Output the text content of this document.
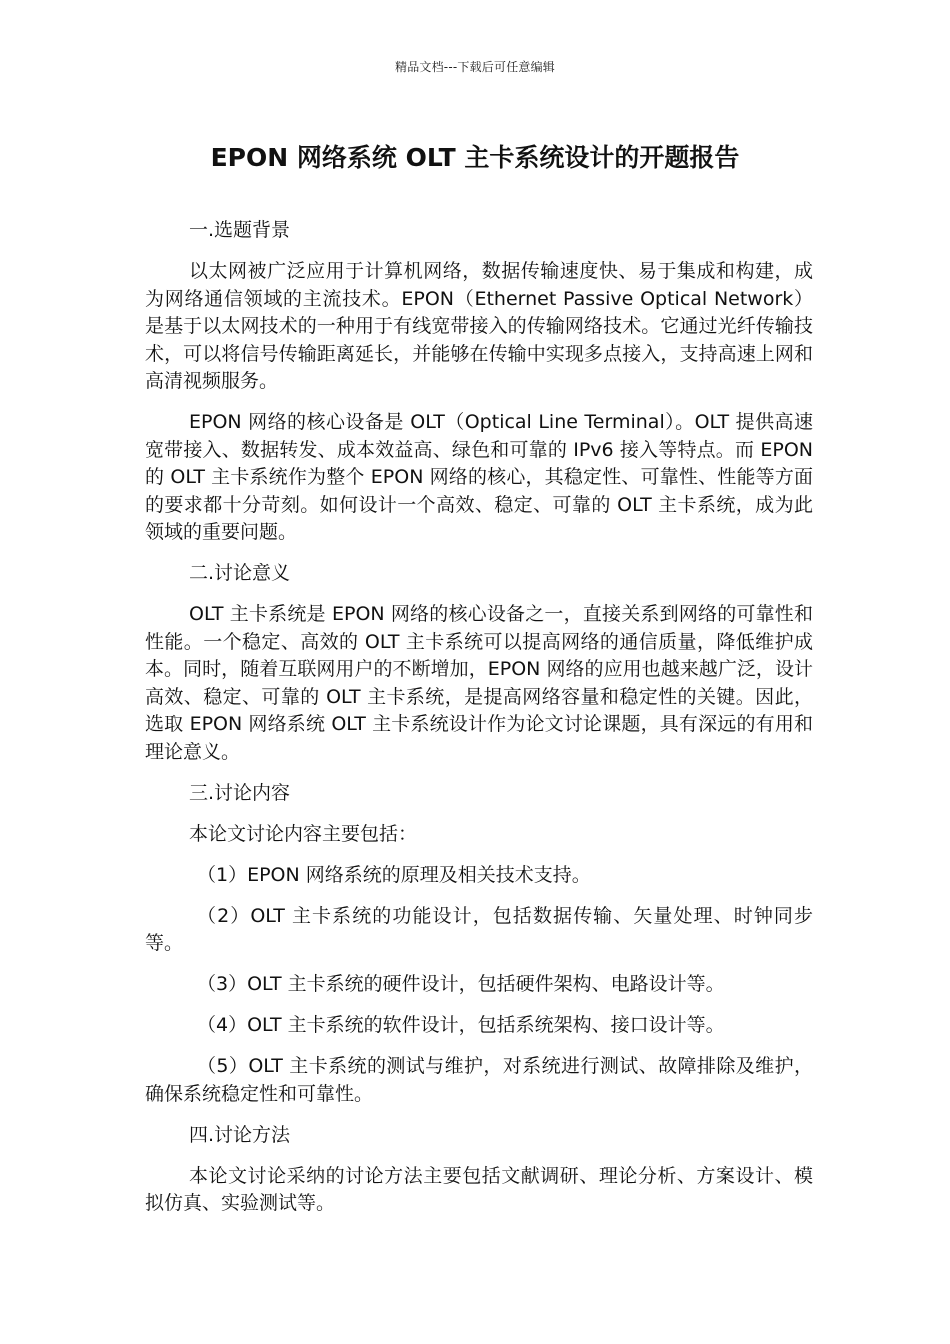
精品文档---下载后可任意编辑
EPON 网络系统 OLT 主卡系统设计的开题报告
一.选题背景
以太网被广泛应用于计算机网络，数据传输速度快、易于集成和构建，成为网络通信领域的主流技术。EPON（Ethernet Passive Optical Network）是基于以太网技术的一种用于有线宽带接入的传输网络技术。它通过光纤传输技术，可以将信号传输距离延长，并能够在传输中实现多点接入，支持高速上网和高清视频服务。
EPON 网络的核心设备是 OLT（Optical Line Terminal）。OLT 提供高速宽带接入、数据转发、成本效益高、绿色和可靠的 IPv6 接入等特点。而 EPON 的 OLT 主卡系统作为整个 EPON 网络的核心，其稳定性、可靠性、性能等方面的要求都十分苛刻。如何设计一个高效、稳定、可靠的 OLT 主卡系统，成为此领域的重要问题。
二.讨论意义
OLT 主卡系统是 EPON 网络的核心设备之一，直接关系到网络的可靠性和性能。一个稳定、高效的 OLT 主卡系统可以提高网络的通信质量，降低维护成本。同时，随着互联网用户的不断增加，EPON 网络的应用也越来越广泛，设计高效、稳定、可靠的 OLT 主卡系统，是提高网络容量和稳定性的关键。因此，选取 EPON 网络系统 OLT 主卡系统设计作为论文讨论课题，具有深远的有用和理论意义。
三.讨论内容
本论文讨论内容主要包括：
（1）EPON 网络系统的原理及相关技术支持。
（2）OLT 主卡系统的功能设计，包括数据传输、矢量处理、时钟同步等。
（3）OLT 主卡系统的硬件设计，包括硬件架构、电路设计等。
（4）OLT 主卡系统的软件设计，包括系统架构、接口设计等。
（5）OLT 主卡系统的测试与维护，对系统进行测试、故障排除及维护，确保系统稳定性和可靠性。
四.讨论方法
本论文讨论采纳的讨论方法主要包括文献调研、理论分析、方案设计、模拟仿真、实验测试等。
